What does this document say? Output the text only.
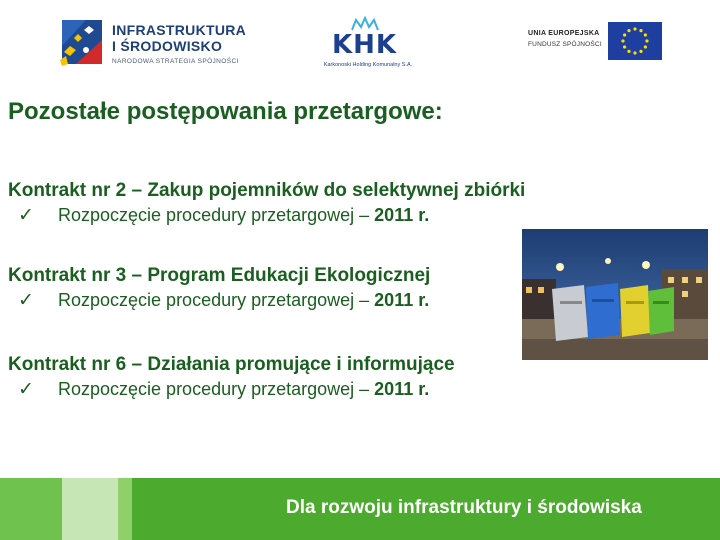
INFRASTRUKTURA
I ŚRODOWISKO
NARODOWA STRATEGIA SPÓJNOŚCI
KHK
Karkonoski Holding Komunalny S.A.
UNIA EUROPEJSKA
FUNDUSZ SPÓJNOŚCI
Pozostałe postępowania przetargowe:
Kontrakt nr 2 – Zakup pojemników do selektywnej zbiórki
✓ Rozpoczęcie procedury przetargowej – 2011 r.
Kontrakt nr 3 – Program Edukacji Ekologicznej
✓ Rozpoczęcie procedury przetargowej – 2011 r.
Kontrakt nr 6 – Działania promujące i informujące
✓ Rozpoczęcie procedury przetargowej – 2011 r.
Dla rozwoju infrastruktury i środowiska
